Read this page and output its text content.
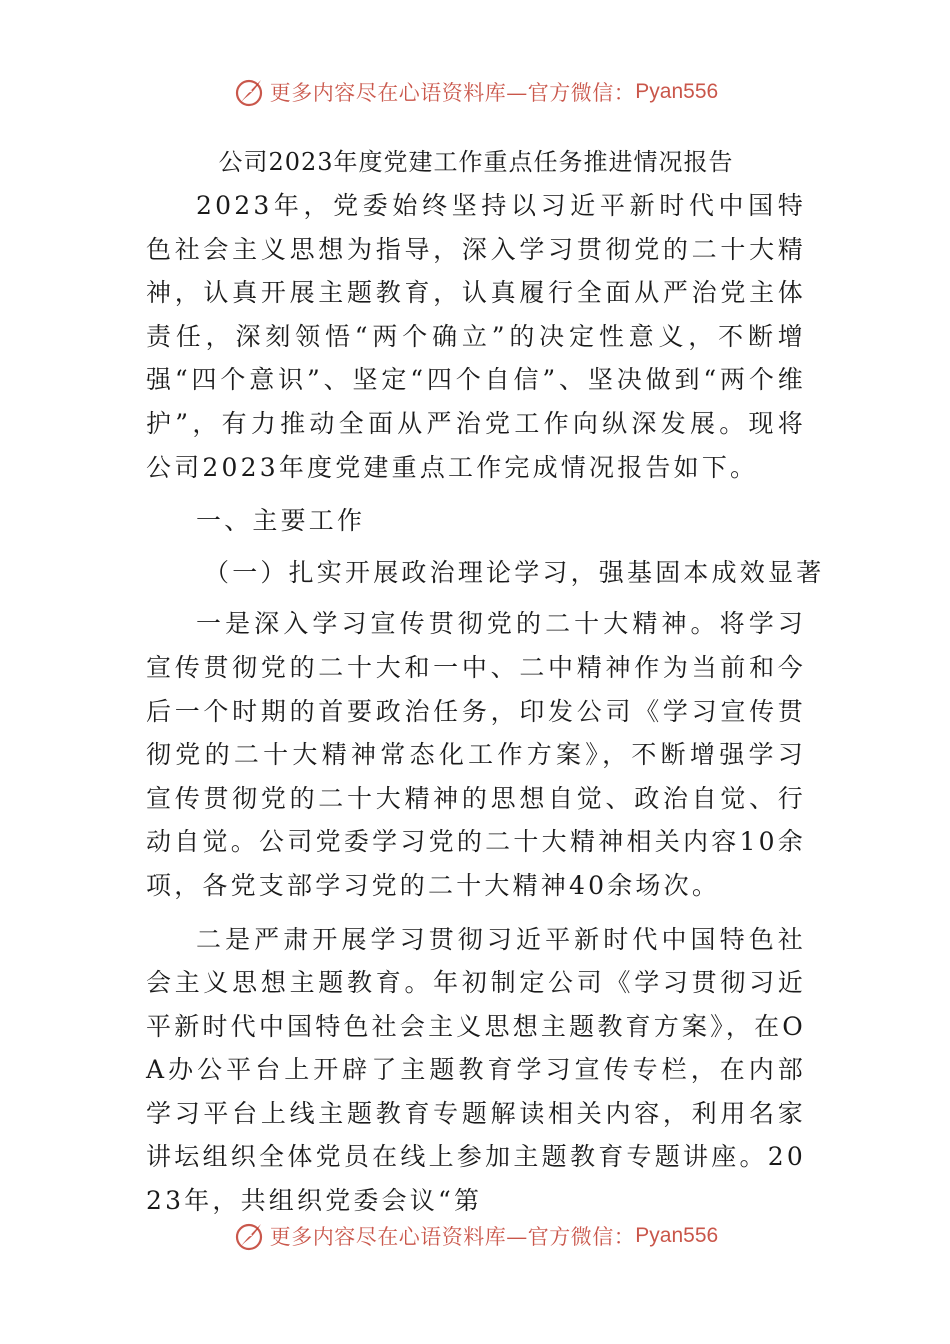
更多内容尽在心语资料库—官方微信： Pyan556
公司2023年度党建工作重点任务推进情况报告

2023年，党委始终坚持以习近平新时代中国特色社会主义思想为指导，深入学习贯彻党的二十大精神，认真开展主题教育，认真履行全面从严治党主体责任，深刻领悟“两个确立”的决定性意义，不断增强“四个意识”、坚定“四个自信”、坚决做到“两个维护”，有力推动全面从严治党工作向纵深发展。现将公司2023年度党建重点工作完成情况报告如下。

一、主要工作

（一）扎实开展政治理论学习，强基固本成效显著

一是深入学习宣传贯彻党的二十大精神。将学习宣传贯彻党的二十大和一中、二中精神作为当前和今后一个时期的首要政治任务，印发公司《学习宣传贯彻党的二十大精神常态化工作方案》，不断增强学习宣传贯彻党的二十大精神的思想自觉、政治自觉、行动自觉。公司党委学习党的二十大精神相关内容10余项，各党支部学习党的二十大精神40余场次。

二是严肃开展学习贯彻习近平新时代中国特色社会主义思想主题教育。年初制定公司《学习贯彻习近平新时代中国特色社会主义思想主题教育方案》，在OA办公平台上开辟了主题教育学习宣传专栏，在内部学习平台上线主题教育专题解读相关内容，利用名家讲坛组织全体党员在线上参加主题教育专题讲座。2023年，共组织党委会议“第

更多内容尽在心语资料库—官方微信： Pyan556
